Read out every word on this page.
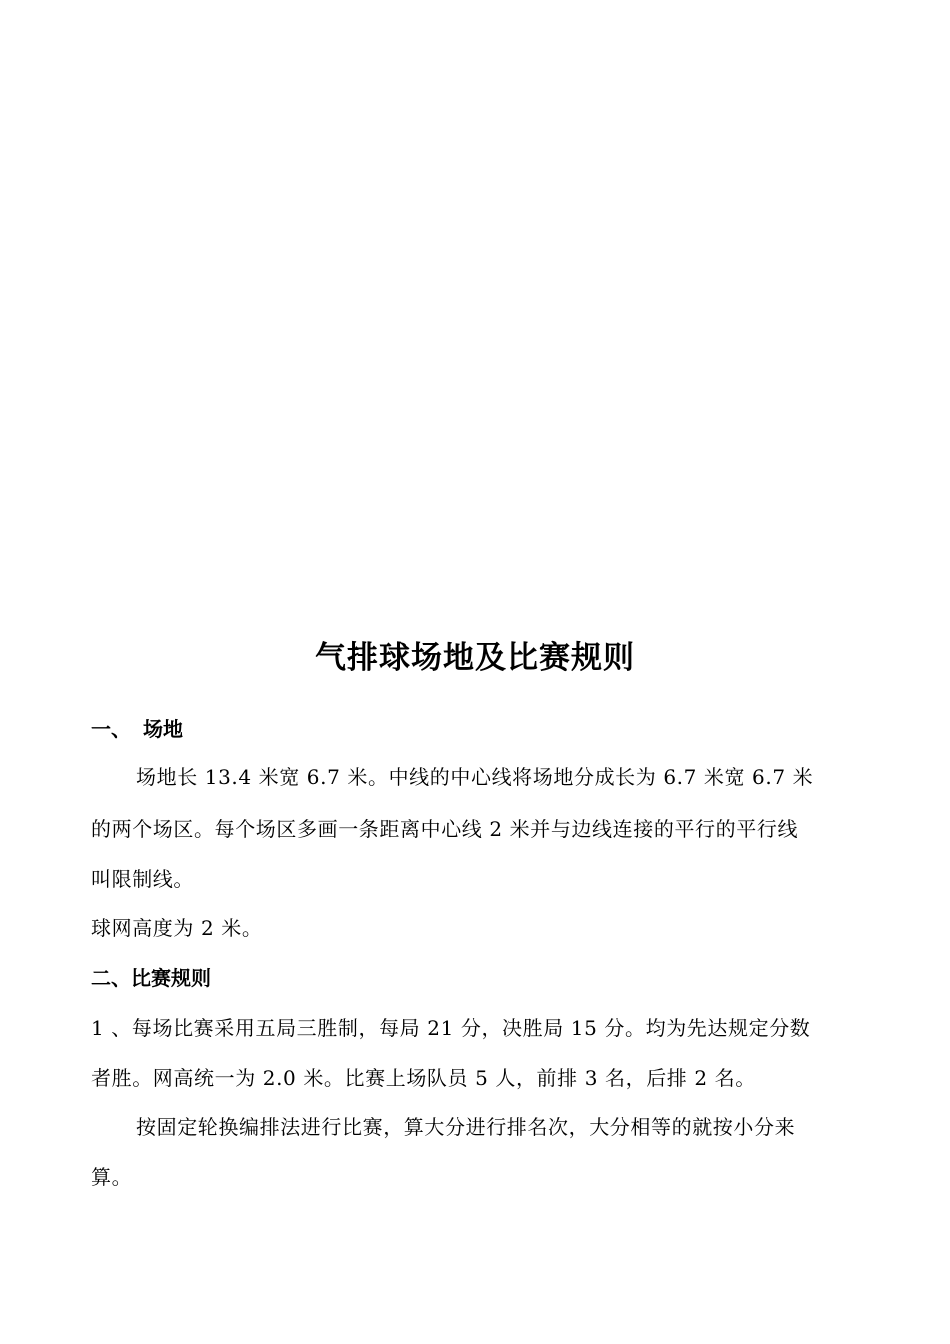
气排球场地及比赛规则
一、 场地
场地长 13.4 米宽 6.7 米。中线的中心线将场地分成长为 6.7 米宽 6.7 米
的两个场区。每个场区多画一条距离中心线 2 米并与边线连接的平行的平行线
叫限制线。
球网高度为 2 米。
二、比赛规则
1 、每场比赛采用五局三胜制，每局 21 分，决胜局 15 分。均为先达规定分数
者胜。网高统一为 2.0 米。比赛上场队员 5 人，前排 3 名，后排 2 名。
按固定轮换编排法进行比赛，算大分进行排名次，大分相等的就按小分来
算。
